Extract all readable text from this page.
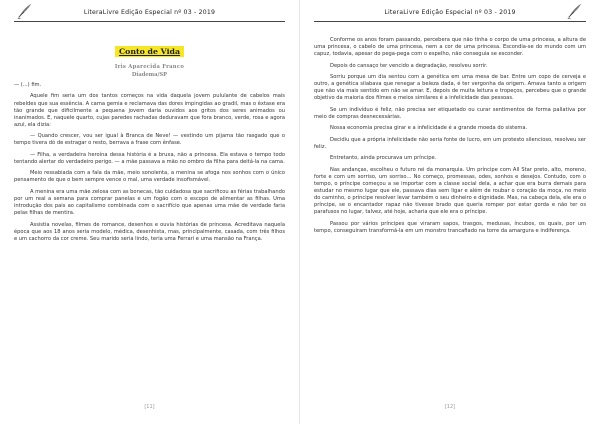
LiteraLivre Edição Especial nº 03 - 2019
Conto de Vida
Iris Aparecida Franco
Diadema/SP

— (...) fim.

Aquele fim seria um dos tantos começos na vida daquela jovem pululante de cabelos mais rebeldes que sua essência. A cama gemia e reclamava das dores impingidas ao gradil, mas o êxtase era tão grande que dificilmente a pequena jovem daria ouvidos aos gritos dos seres animados ou inanimados. E, naquele quarto, cujas paredes rachadas deduravam que fora branco, verde, rosa e agora azul, ela dizia:

— Quando crescer, vou ser igual à Branca de Neve! — vestindo um pijama tão rasgado que o tempo tivera dó de estragar o resto, berrava a frase com ênfase.

— Filha, a verdadeira heroína dessa história é a bruxa, não a princesa. Ela estava o tempo todo tentando alertar do verdadeiro perigo. — a mãe passava a mão no ombro da filha para deitá-la na cama.

Meio ressabiada com a fala da mãe, meio sonolenta, a menina se afoga nos sonhos com o único pensamento de que o bem sempre vence o mal, uma verdade insofismável.

A menina era uma mãe zelosa com as bonecas, tão cuidadosa que sacrificou as férias trabalhando por um real a semana para comprar panelas e um fogão com o escopo de alimentar as filhas. Uma introdução dos pais ao capitalismo combinada com o sacrifício que apenas uma mãe de verdade faria pelas filhas de mentira.

Assistia novelas, filmes de romance, desenhos e ouvia histórias de princesa. Acreditava naquela época que aos 18 anos seria modelo, médica, desenhista, mas, principalmente, casada, com três filhos e um cachorro da cor creme. Seu marido seria lindo, teria uma Ferrari e uma mansão na França.

[11]
LiteraLivre Edição Especial nº 03 - 2019

Conforme os anos foram passando, percebera que não tinha o corpo de uma princesa, a altura de uma princesa, o cabelo de uma princesa, nem a cor de uma princesa. Escondia-se do mundo com um capuz, todavia, apesar do pega-pega com o espelho, não conseguia se esconder.

Depois do cansaço ter vencido a degradação, resolveu sorrir.

Sorriu porque um dia sentou com a genética em uma mesa de bar. Entre um copo de cerveja e outro, a genética silabava que renegar a beleza dada, é ter vergonha da origem. Amava tanto a origem que não via mais sentido em não se amar. E, depois de muita leitura e tropeços, percebeu que o grande objetivo da maioria dos filmes e meios similares é a infelicidade das pessoas.

Se um indivíduo é feliz, não precisa ser etiquetado ou curar sentimentos de forma paliativa por meio de compras desnecessárias.

Nossa economia precisa girar e a infelicidade é a grande moeda do sistema.

Decidiu que a própria infelicidade não seria fonte de lucro, em um protesto silencioso, resolveu ser feliz.

Entretanto, ainda procurava um príncipe.

Nas andanças, escolheu o futuro rei da monarquia. Um príncipe com All Star preto, alto, moreno, forte e com um sorriso, um sorriso... No começo, promessas, odes, sonhos e desejos. Contudo, com o tempo, o príncipe começou a se importar com a classe social dela, a achar que era burra demais para estudar no mesmo lugar que ele, passava dias sem ligar e além de roubar o coração da moça, no meio do caminho, o príncipe resolver levar também o seu dinheiro e dignidade. Mas, na cabeça dela, ele era o príncipe, se o encantador rapaz não tivesse brado que queria romper por estar gorda e não ter os parafusos no lugar, talvez, até hoje, acharia que ele era o príncipe.

Passou por vários príncipes que viraram sapos, trasgos, medusas, íncubos, os quais, por um tempo, conseguiram transformá-la em um monstro trancafiado na torre da amargura e indiferença.

[12]
